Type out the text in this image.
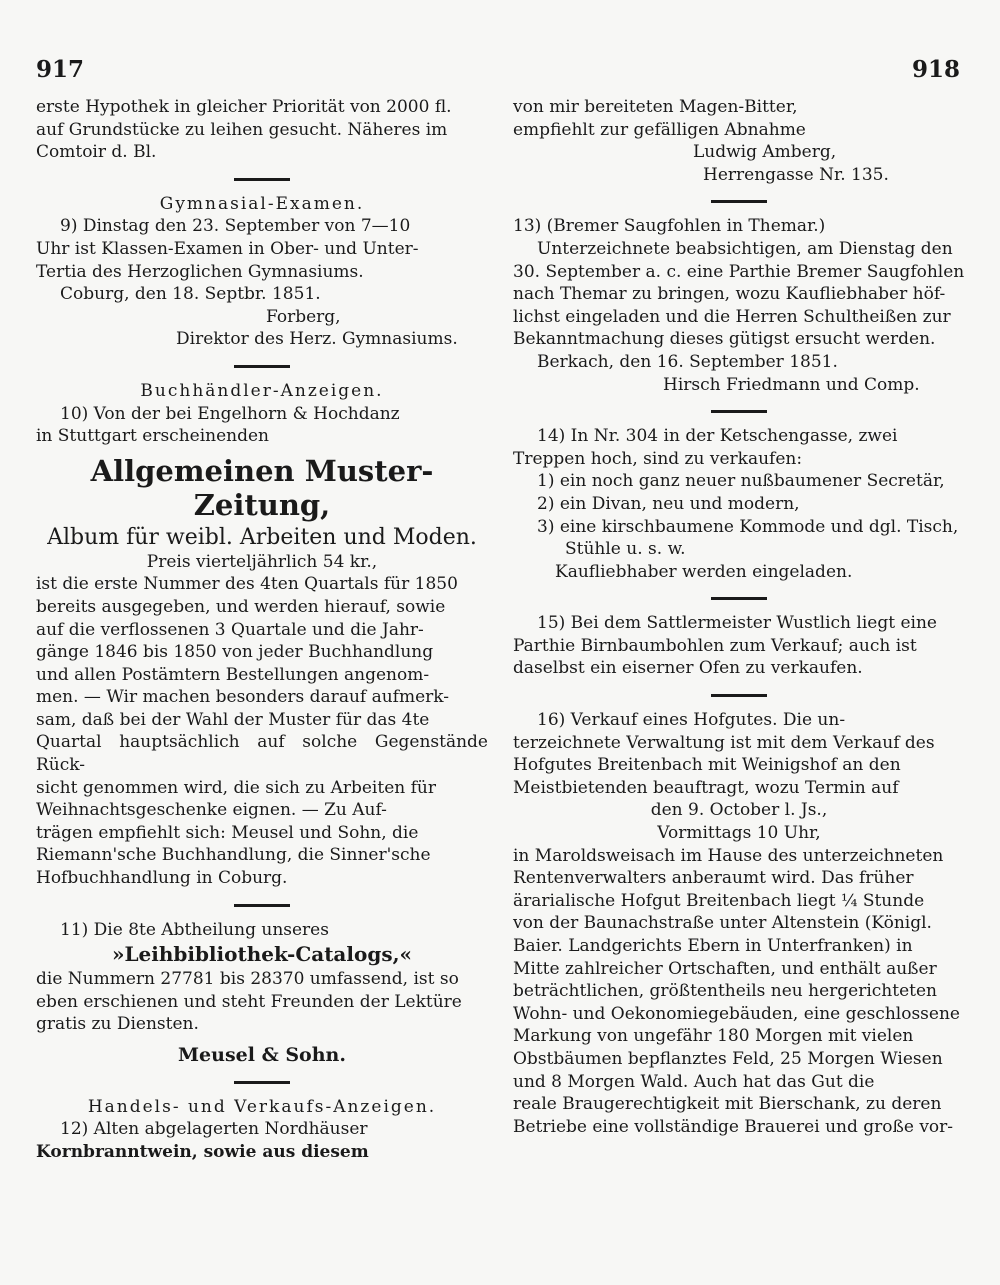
917	918

erste Hypothek in gleicher Priorität von 2000 fl.

auf Grundstücke zu leihen gesucht. Näheres im

Comtoir d. Bl.

Gymnasial-Examen.

9) Dinstag den 23. September von 7—10

Uhr ist Klassen-Examen in Ober- und Unter-

Tertia des Herzoglichen Gymnasiums.

Coburg, den 18. Septbr. 1851.

Forberg,

Direktor des Herz. Gymnasiums.

Buchhändler-Anzeigen.

10) Von der bei Engelhorn & Hochdanz

in Stuttgart erscheinenden

Allgemeinen Muster-Zeitung,

Album für weibl. Arbeiten und Moden.

Preis vierteljährlich 54 kr.,

ist die erste Nummer des 4ten Quartals für 1850

bereits ausgegeben, und werden hierauf, sowie

auf die verflossenen 3 Quartale und die Jahr-

gänge 1846 bis 1850 von jeder Buchhandlung

und allen Postämtern Bestellungen angenom-

men. — Wir machen besonders darauf aufmerk-

sam, daß bei der Wahl der Muster für das 4te

Quartal hauptsächlich auf solche Gegenstände Rück-

sicht genommen wird, die sich zu Arbeiten für

Weihnachtsgeschenke eignen. — Zu Auf-

trägen empfiehlt sich: Meusel und Sohn, die

Riemann'sche Buchhandlung, die Sinner'sche

Hofbuchhandlung in Coburg.

11) Die 8te Abtheilung unseres

»Leihbibliothek-Catalogs,«

die Nummern 27781 bis 28370 umfassend, ist so

eben erschienen und steht Freunden der Lektüre

gratis zu Diensten.

Meusel & Sohn.

Handels- und Verkaufs-Anzeigen.

12) Alten abgelagerten Nordhäuser

Kornbranntwein, sowie aus diesem

von mir bereiteten Magen-Bitter,

empfiehlt zur gefälligen Abnahme

Ludwig Amberg,

Herrengasse Nr. 135.

13) (Bremer Saugfohlen in Themar.)

Unterzeichnete beabsichtigen, am Dienstag den

30. September a. c. eine Parthie Bremer Saugfohlen

nach Themar zu bringen, wozu Kaufliebhaber höf-

lichst eingeladen und die Herren Schultheißen zur

Bekanntmachung dieses gütigst ersucht werden.

Berkach, den 16. September 1851.

Hirsch Friedmann und Comp.

14) In Nr. 304 in der Ketschengasse, zwei

Treppen hoch, sind zu verkaufen:

1) ein noch ganz neuer nußbaumener Secretär,

2) ein Divan, neu und modern,

3) eine kirschbaumene Kommode und dgl. Tisch,

Stühle u. s. w.

Kaufliebhaber werden eingeladen.

15) Bei dem Sattlermeister Wustlich liegt eine

Parthie Birnbaumbohlen zum Verkauf; auch ist

daselbst ein eiserner Ofen zu verkaufen.

16) Verkauf eines Hofgutes. Die un-

terzeichnete Verwaltung ist mit dem Verkauf des

Hofgutes Breitenbach mit Weinigshof an den

Meistbietenden beauftragt, wozu Termin auf

den 9. October l. Js.,

Vormittags 10 Uhr,

in Maroldsweisach im Hause des unterzeichneten

Rentenverwalters anberaumt wird. Das früher

ärarialische Hofgut Breitenbach liegt ¼ Stunde

von der Baunachstraße unter Altenstein (Königl.

Baier. Landgerichts Ebern in Unterfranken) in

Mitte zahlreicher Ortschaften, und enthält außer

beträchtlichen, größtentheils neu hergerichteten

Wohn- und Oekonomiegebäuden, eine geschlossene

Markung von ungefähr 180 Morgen mit vielen

Obstbäumen bepflanztes Feld, 25 Morgen Wiesen

und 8 Morgen Wald. Auch hat das Gut die

reale Braugerechtigkeit mit Bierschank, zu deren

Betriebe eine vollständige Brauerei und große vor-
